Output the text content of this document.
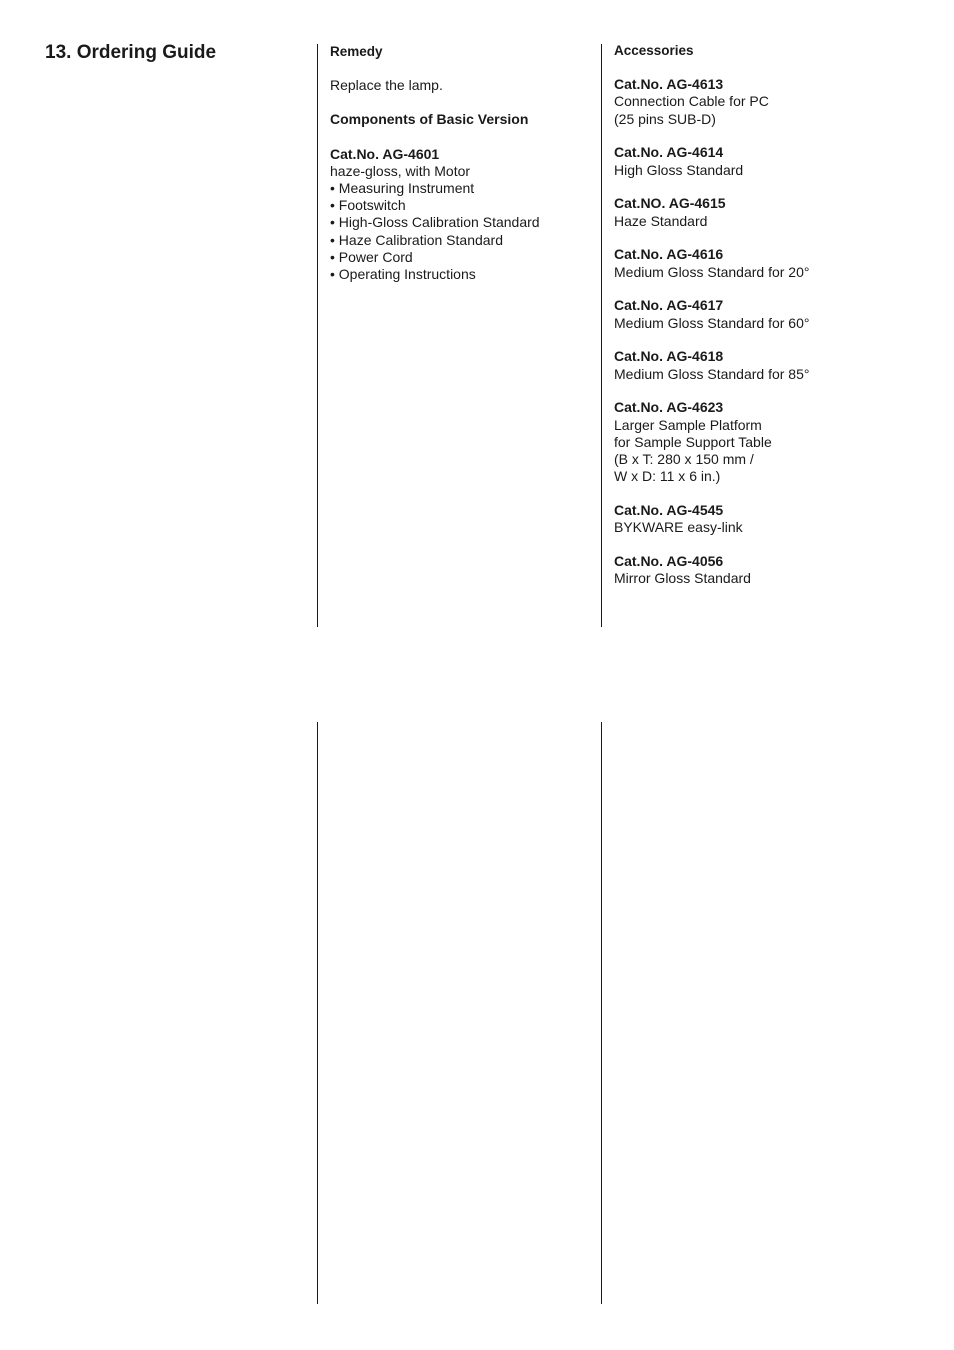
13. Ordering Guide	Remedy

Replace the lamp.

Components of Basic Version

Cat.No. AG-4601

haze-gloss, with Motor

• Measuring Instrument
• Footswitch
• High-Gloss Calibration Standard
• Haze Calibration Standard
• Power Cord
• Operating Instructions

Accessories

Cat.No. AG-4613

Connection Cable for PC

(25 pins SUB-D)

Cat.No. AG-4614

High Gloss Standard

Cat.NO. AG-4615

Haze Standard

Cat.No. AG-4616

Medium Gloss Standard for 20°

Cat.No. AG-4617

Medium Gloss Standard for 60°

Cat.No. AG-4618

Medium Gloss Standard for 85°

Cat.No. AG-4623

Larger Sample Platform

for Sample Support Table

(B x T: 280 x 150 mm /

W x D: 11 x 6 in.)

Cat.No. AG-4545

BYKWARE easy-link

Cat.No. AG-4056

Mirror Gloss Standard
